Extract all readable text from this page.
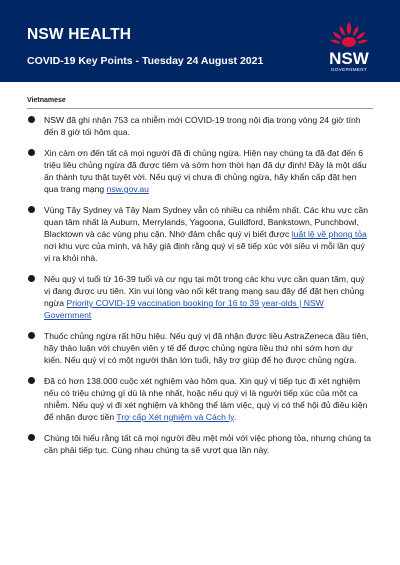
NSW HEALTH
COVID-19 Key Points - Tuesday 24 August 2021	NSW
GOVERNMENT
Vietnamese
NSW đã ghi nhận 753 ca nhiễm mới COVID-19 trong nội địa trong vòng 24 giờ tính đến 8 giờ tối hôm qua.
Xin cảm ơn đến tất cả mọi người đã đi chủng ngừa. Hiện nay chúng ta đã đạt đến 6 triệu liều chủng ngừa đã được tiêm và sớm hơn thời hạn đã dự định! Đây là một dấu ấn thành tựu thật tuyệt vời. Nếu quý vị chưa đi chủng ngừa, hãy khẩn cấp đặt hẹn qua trang mạng nsw.gov.au
Vùng Tây Sydney và Tây Nam Sydney vẫn có nhiều ca nhiễm nhất. Các khu vực cần quan tâm nhất là Auburn, Merrylands, Yagoona, Guildford, Bankstown, Punchbowl, Blacktown và các vùng phụ cận. Nhớ đảm chắc quý vị biết được luật lệ về phong tỏa nơi khu vực của mình, và hãy giả định rằng quý vị sẽ tiếp xúc với siêu vi mỗi lần quý vị ra khỏi nhà.
Nếu quý vị tuổi từ 16-39 tuổi và cư ngụ tại một trong các khu vực cần quan tâm, quý vị đang được ưu tiên. Xin vui lòng vào nối kết trang mạng sau đây để đặt hẹn chủng ngừa Priority COVID-19 vaccination booking for 16 to 39 year-olds | NSW Government
Thuốc chủng ngừa rất hữu hiệu. Nếu quý vị đã nhận được liều AstraZeneca đầu tiên, hãy thảo luận với chuyên viên y tế để được chủng ngừa liều thứ nhì sớm hơn dự kiến. Nếu quý vị có một người thân lớn tuổi, hãy trợ giúp để họ được chủng ngừa.
Đã có hơn 138.000 cuộc xét nghiệm vào hôm qua. Xin quý vị tiếp tục đi xét nghiệm nếu có triệu chứng gì dù là nhẹ nhất, hoặc nếu quý vị là người tiếp xúc của một ca nhiễm. Nếu quý vị đi xét nghiệm và không thể làm việc, quý vị có thể hội đủ điều kiện để nhận được tiền Trợ cấp Xét nghiệm và Cách ly.
Chúng tôi hiểu rằng tất cả mọi người đều mệt mỏi với việc phong tỏa, nhưng chúng ta cần phải tiếp tục. Cùng nhau chúng ta sẽ vượt qua lần này.
